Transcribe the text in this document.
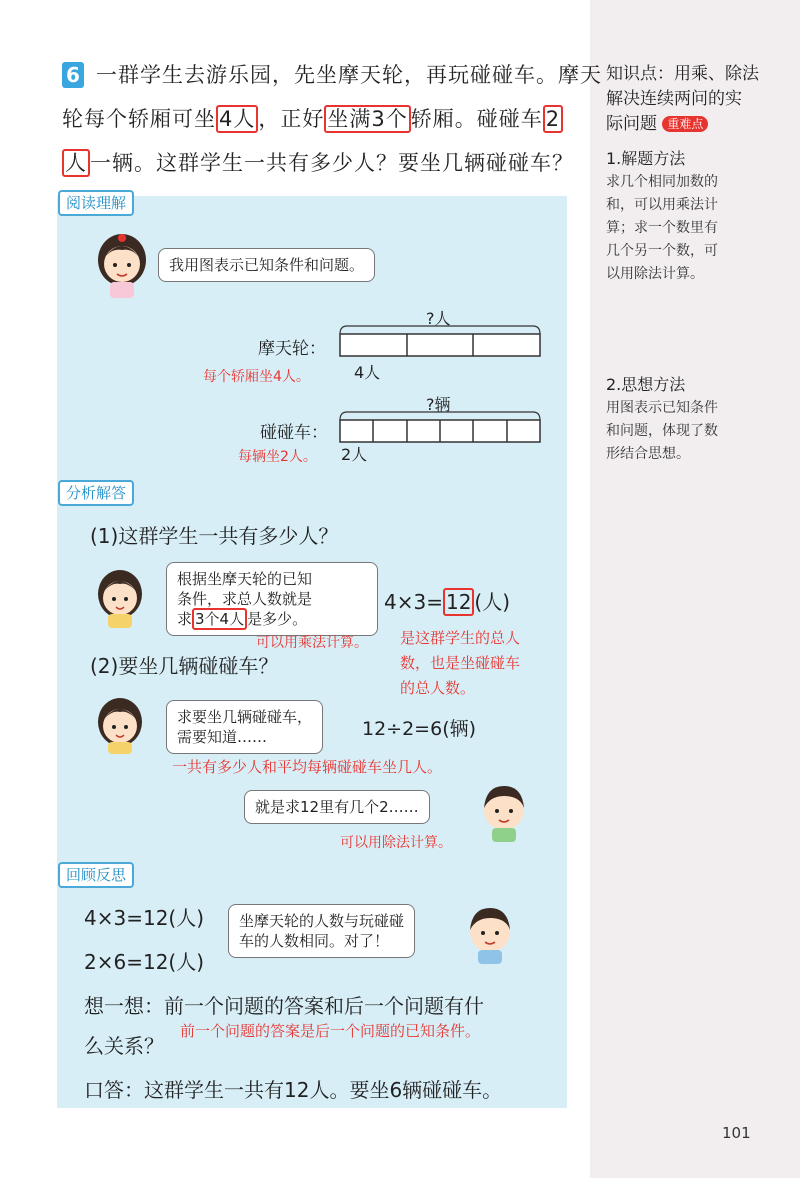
6 一群学生去游乐园，先坐摩天轮，再玩碰碰车。摩天
轮每个轿厢可坐 4人 ，正好 坐满3个 轿厢。碰碰车 2
人 一辆。这群学生一共有多少人？要坐几辆碰碰车？
阅读理解
我用图表示已知条件和问题。
?人
摩天轮：
4人
每个轿厢坐4人。
?辆
碰碰车：
2人
每辆坐2人。
分析解答
(1)这群学生一共有多少人？
根据坐摩天轮的已知
条件，求总人数就是
求 3个4人 是多少。
4×3= 12 (人)
可以用乘法计算。 是这群学生的总人
数，也是坐碰碰车
的总人数。
(2)要坐几辆碰碰车？
求要坐几辆碰碰车，
需要知道……	12÷2=6(辆)
一共有多少人和平均每辆碰碰车坐几人。
就是求12里有几个2……
可以用除法计算。
回顾反思
4×3=12(人)
2×6=12(人)
坐摩天轮的人数与玩碰碰
车的人数相同。对了！
想一想：前一个问题的答案和后一个问题有什
么关系？
前一个问题的答案是后一个问题的已知条件。
口答：这群学生一共有12人。要坐6辆碰碰车。
知识点：用乘、除法
解决连续两问的实
际问题 重难点
1.解题方法
求几个相同加数的
和，可以用乘法计
算；求一个数里有
几个另一个数，可
以用除法计算。
2.思想方法
用图表示已知条件
和问题，体现了数
形结合思想。
101
